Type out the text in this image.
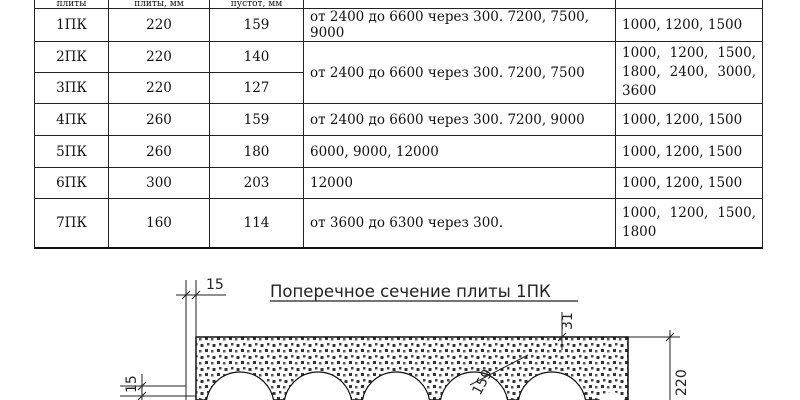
плиты	плиты, мм	пустот, мм		
1ПК	220	159	от 2400 до 6600 через 300. 7200, 7500, 9000	1000, 1200, 1500
2ПК	220	140	от 2400 до 6600 через 300. 7200, 7500	1000, 1200, 1500, 1800, 2400, 3000, 3600
3ПК	220	127		
4ПК	260	159	от 2400 до 6600 через 300. 7200, 9000	1000, 1200, 1500
5ПК	260	180	6000, 9000, 12000	1000, 1200, 1500
6ПК	300	203	12000	1000, 1200, 1500
7ПК	160	114	от 3600 до 6300 через 300.	1000, 1200, 1500, 1800
Поперечное сечение плиты 1ПК
15
15
31
159	220
